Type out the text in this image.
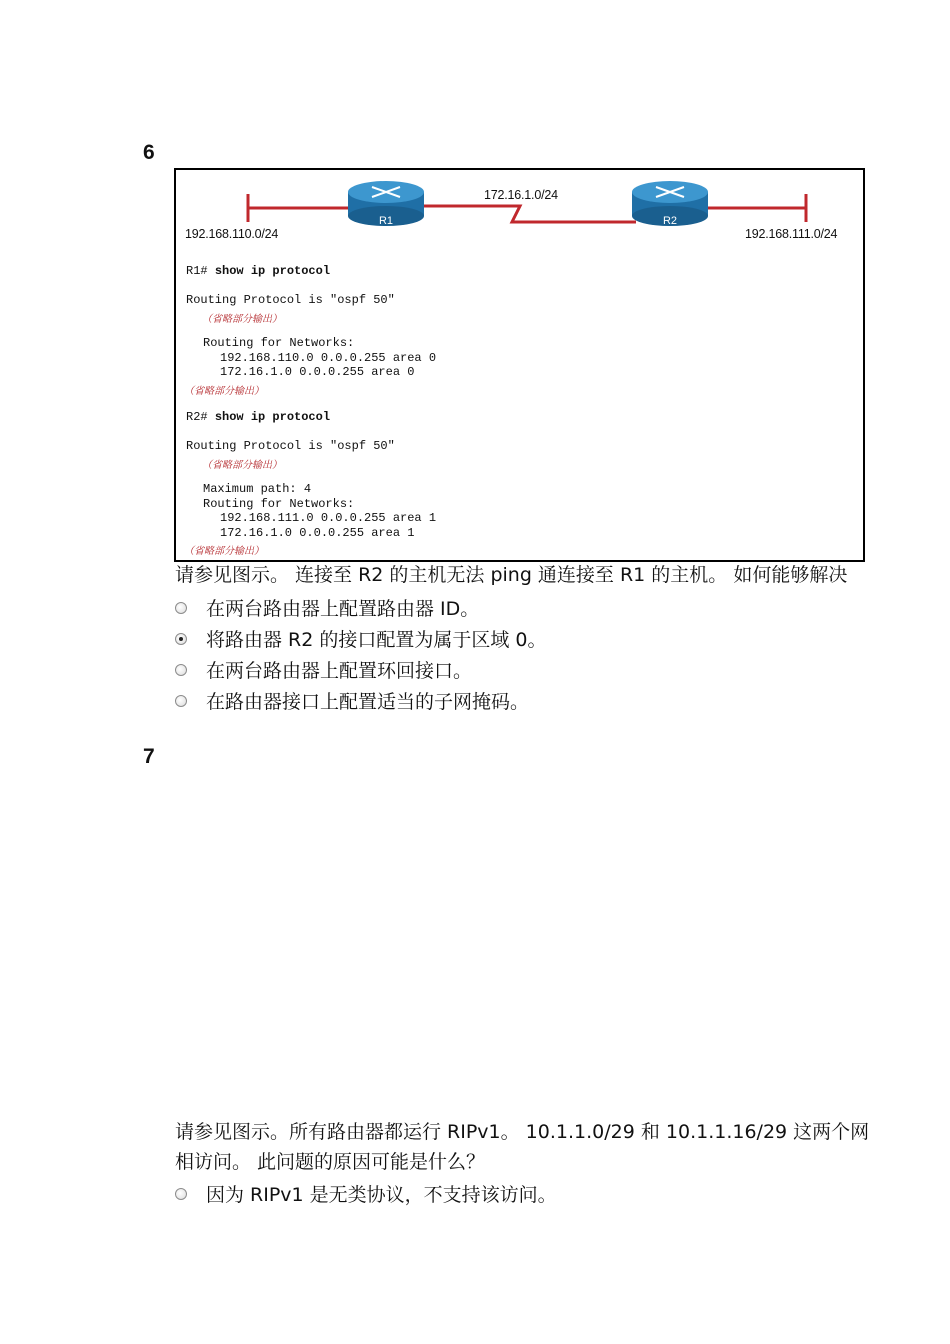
6
R1	R2
192.168.110.0/24
172.16.1.0/24
192.168.111.0/24
R1# show ip protocol
Routing Protocol is "ospf 50"
（省略部分输出）
Routing for Networks:
192.168.110.0 0.0.0.255 area 0
172.16.1.0 0.0.0.255 area 0
（省略部分输出）
R2# show ip protocol
Routing Protocol is "ospf 50"
（省略部分输出）
Maximum path: 4
Routing for Networks:
192.168.111.0 0.0.0.255 area 1
172.16.1.0 0.0.0.255 area 1
（省略部分输出）
请参见图示。 连接至 R2 的主机无法 ping 通连接至 R1 的主机。 如何能够解决
在两台路由器上配置路由器 ID。
将路由器 R2 的接口配置为属于区域 0。
在两台路由器上配置环回接口。
在路由器接口上配置适当的子网掩码。
7
请参见图示。所有路由器都运行 RIPv1。 10.1.1.0/29 和 10.1.1.16/29 这两个网
相访问。 此问题的原因可能是什么？
因为 RIPv1 是无类协议，不支持该访问。
